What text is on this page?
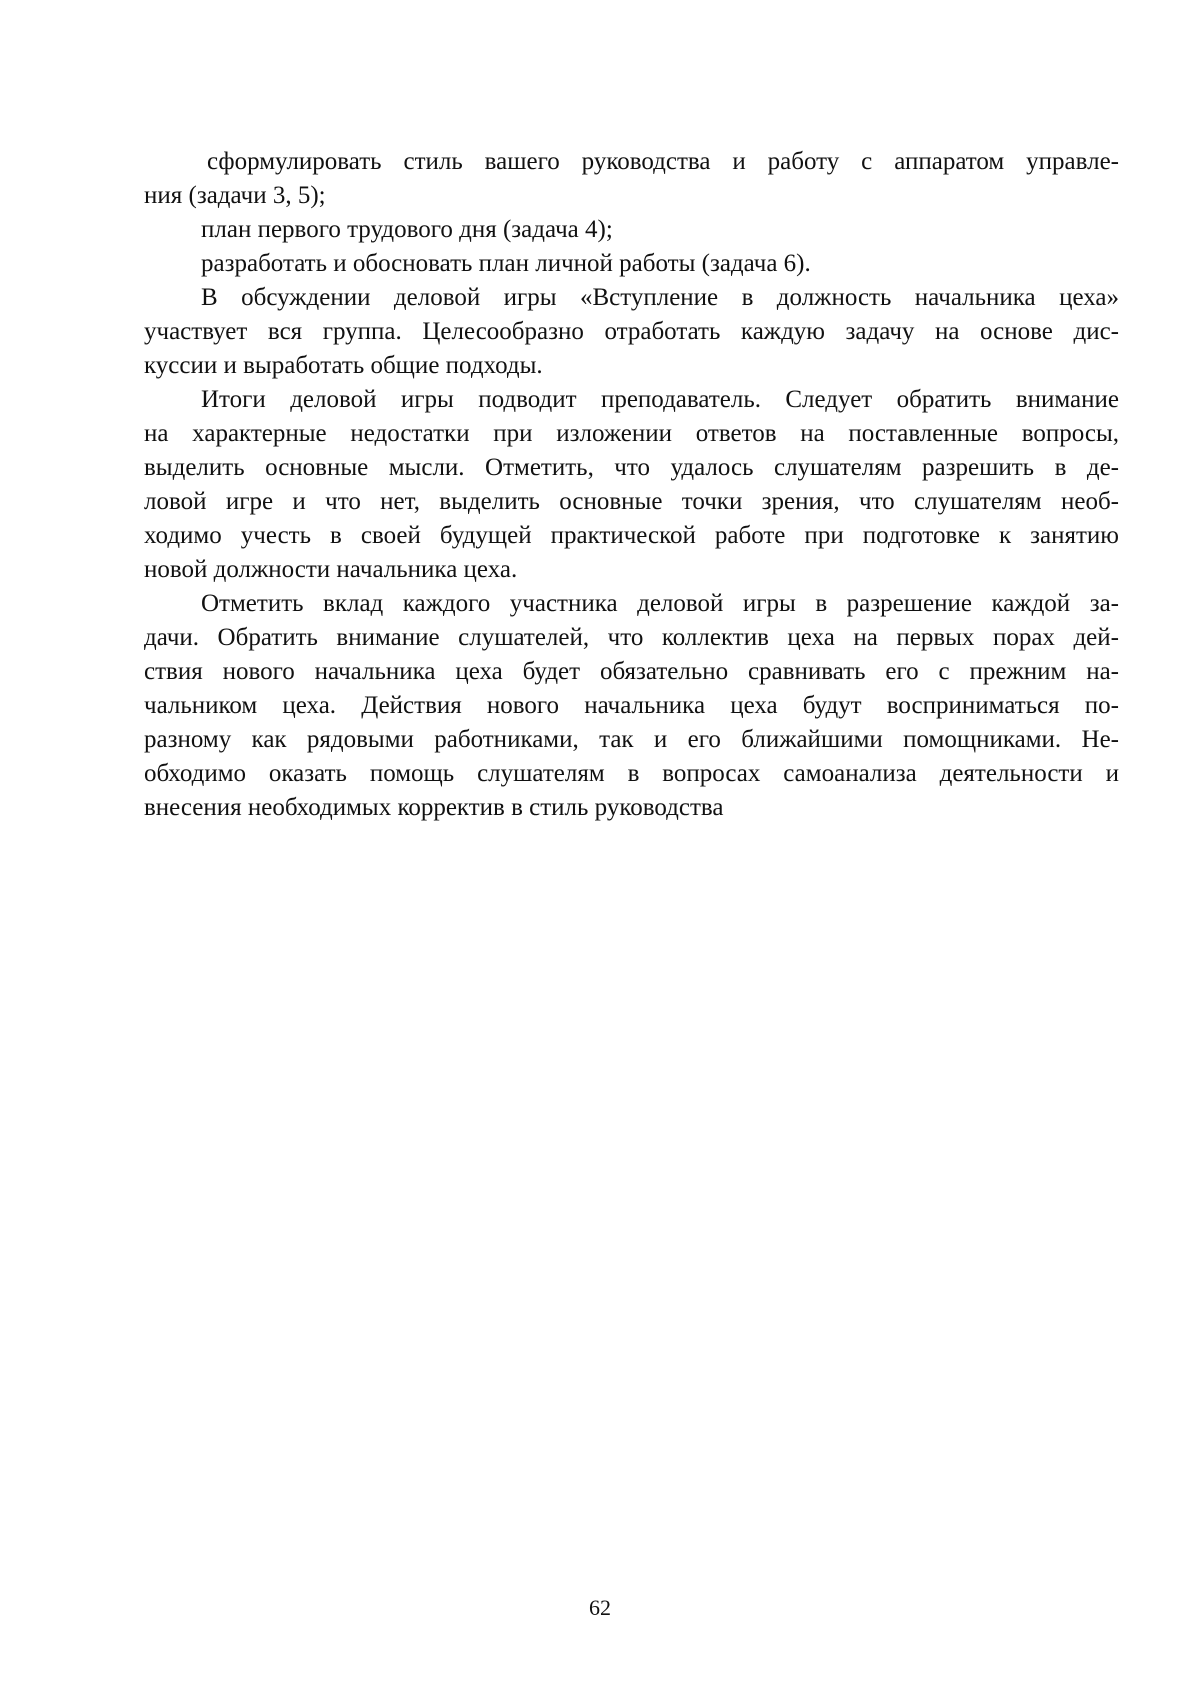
сформулировать стиль вашего руководства и работу с аппаратом управле-
ния (задачи 3, 5);
план первого трудового дня (задача 4);
разработать и обосновать план личной работы (задача 6).
В обсуждении деловой игры «Вступление в должность начальника цеха»
участвует вся группа. Целесообразно отработать каждую задачу на основе дис-
куссии и выработать общие подходы.
Итоги деловой игры подводит преподаватель. Следует обратить внимание
на характерные недостатки при изложении ответов на поставленные вопросы,
выделить основные мысли. Отметить, что удалось слушателям разрешить в де-
ловой игре и что нет, выделить основные точки зрения, что слушателям необ-
ходимо учесть в своей будущей практической работе при подготовке к занятию
новой должности начальника цеха.
Отметить вклад каждого участника деловой игры в разрешение каждой за-
дачи. Обратить внимание слушателей, что коллектив цеха на первых порах дей-
ствия нового начальника цеха будет обязательно сравнивать его с прежним на-
чальником цеха. Действия нового начальника цеха будут восприниматься по-
разному как рядовыми работниками, так и его ближайшими помощниками. Не-
обходимо оказать помощь слушателям в вопросах самоанализа деятельности и
внесения необходимых корректив в стиль руководства
62
